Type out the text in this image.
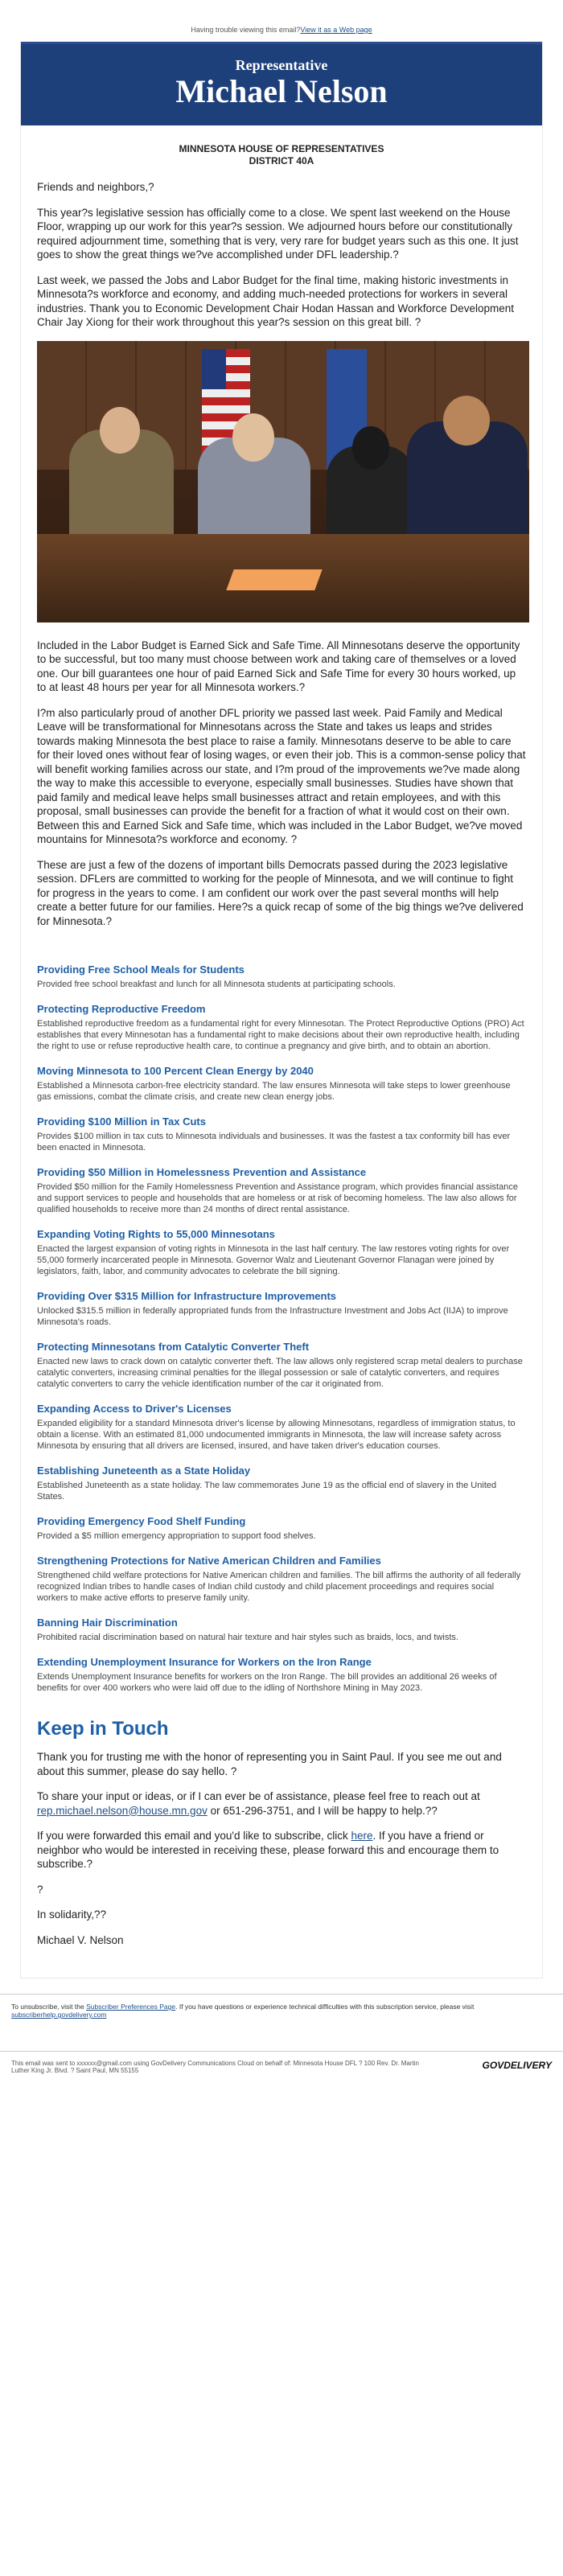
Having trouble viewing this email?View it as a Web page
Representative
Michael Nelson
MINNESOTA HOUSE OF REPRESENTATIVES
DISTRICT 40A

Friends and neighbors,?

This year?s legislative session has officially come to a close. We spent last weekend on the House Floor, wrapping up our work for this year?s session. We adjourned hours before our constitutionally required adjournment time, something that is very, very rare for budget years such as this one. It just goes to show the great things we?ve accomplished under DFL leadership.?

Last week, we passed the Jobs and Labor Budget for the final time, making historic investments in Minnesota?s workforce and economy, and adding much-needed protections for workers in several industries. Thank you to Economic Development Chair Hodan Hassan and Workforce Development Chair Jay Xiong for their work throughout this year?s session on this great bill. ?

Included in the Labor Budget is Earned Sick and Safe Time. All Minnesotans deserve the opportunity to be successful, but too many must choose between work and taking care of themselves or a loved one. Our bill guarantees one hour of paid Earned Sick and Safe Time for every 30 hours worked, up to at least 48 hours per year for all Minnesota workers.?

I?m also particularly proud of another DFL priority we passed last week. Paid Family and Medical Leave will be transformational for Minnesotans across the State and takes us leaps and strides towards making Minnesota the best place to raise a family. Minnesotans deserve to be able to care for their loved ones without fear of losing wages, or even their job. This is a common-sense policy that will benefit working families across our state, and I?m proud of the improvements we?ve made along the way to make this accessible to everyone, especially small businesses. Studies have shown that paid family and medical leave helps small businesses attract and retain employees, and with this proposal, small businesses can provide the benefit for a fraction of what it would cost on their own. Between this and Earned Sick and Safe time, which was included in the Labor Budget, we?ve moved mountains for Minnesota?s workforce and economy. ?

These are just a few of the dozens of important bills Democrats passed during the 2023 legislative session. DFLers are committed to working for the people of Minnesota, and we will continue to fight for progress in the years to come. I am confident our work over the past several months will help create a better future for our families. Here?s a quick recap of some of the big things we?ve delivered for Minnesota.?

Providing Free School Meals for Students
Provided free school breakfast and lunch for all Minnesota students at participating schools.
Protecting Reproductive Freedom
Established reproductive freedom as a fundamental right for every Minnesotan. The Protect Reproductive Options (PRO) Act establishes that every Minnesotan has a fundamental right to make decisions about their own reproductive health, including the right to use or refuse reproductive health care, to continue a pregnancy and give birth, and to obtain an abortion.
Moving Minnesota to 100 Percent Clean Energy by 2040
Established a Minnesota carbon-free electricity standard. The law ensures Minnesota will take steps to lower greenhouse gas emissions, combat the climate crisis, and create new clean energy jobs.
Providing $100 Million in Tax Cuts
Provides $100 million in tax cuts to Minnesota individuals and businesses. It was the fastest a tax conformity bill has ever been enacted in Minnesota.
Providing $50 Million in Homelessness Prevention and Assistance
Provided $50 million for the Family Homelessness Prevention and Assistance program, which provides financial assistance and support services to people and households that are homeless or at risk of becoming homeless. The law also allows for qualified households to receive more than 24 months of direct rental assistance.
Expanding Voting Rights to 55,000 Minnesotans
Enacted the largest expansion of voting rights in Minnesota in the last half century. The law restores voting rights for over 55,000 formerly incarcerated people in Minnesota. Governor Walz and Lieutenant Governor Flanagan were joined by legislators, faith, labor, and community advocates to celebrate the bill signing.
Providing Over $315 Million for Infrastructure Improvements
Unlocked $315.5 million in federally appropriated funds from the Infrastructure Investment and Jobs Act (IIJA) to improve Minnesota's roads.
Protecting Minnesotans from Catalytic Converter Theft
Enacted new laws to crack down on catalytic converter theft. The law allows only registered scrap metal dealers to purchase catalytic converters, increasing criminal penalties for the illegal possession or sale of catalytic converters, and requires catalytic converters to carry the vehicle identification number of the car it originated from.
Expanding Access to Driver's Licenses
Expanded eligibility for a standard Minnesota driver's license by allowing Minnesotans, regardless of immigration status, to obtain a license. With an estimated 81,000 undocumented immigrants in Minnesota, the law will increase safety across Minnesota by ensuring that all drivers are licensed, insured, and have taken driver's education courses.
Establishing Juneteenth as a State Holiday
Established Juneteenth as a state holiday. The law commemorates June 19 as the official end of slavery in the United States.
Providing Emergency Food Shelf Funding
Provided a $5 million emergency appropriation to support food shelves.
Strengthening Protections for Native American Children and Families
Strengthened child welfare protections for Native American children and families. The bill affirms the authority of all federally recognized Indian tribes to handle cases of Indian child custody and child placement proceedings and requires social workers to make active efforts to preserve family unity.
Banning Hair Discrimination
Prohibited racial discrimination based on natural hair texture and hair styles such as braids, locs, and twists.
Extending Unemployment Insurance for Workers on the Iron Range
Extends Unemployment Insurance benefits for workers on the Iron Range. The bill provides an additional 26 weeks of benefits for over 400 workers who were laid off due to the idling of Northshore Mining in May 2023.
Keep in Touch

Thank you for trusting me with the honor of representing you in Saint Paul. If you see me out and about this summer, please do say hello. ?

To share your input or ideas, or if I can ever be of assistance, please feel free to reach out at rep.michael.nelson@house.mn.gov or 651-296-3751, and I will be happy to help.??

If you were forwarded this email and you'd like to subscribe, click here. If you have a friend or neighbor who would be interested in receiving these, please forward this and encourage them to subscribe.?

?

In solidarity,??

Michael V. Nelson

To unsubscribe, visit the Subscriber Preferences Page. If you have questions or experience technical difficulties with this subscription service, please visit subscriberhelp.govdelivery.com
This email was sent to xxxxxx@gmail.com using GovDelivery Communications Cloud on behalf of: Minnesota House DFL ? 100 Rev. Dr. Martin Luther King Jr. Blvd. ? Saint Paul, MN 55155	GOVDELIVERY
